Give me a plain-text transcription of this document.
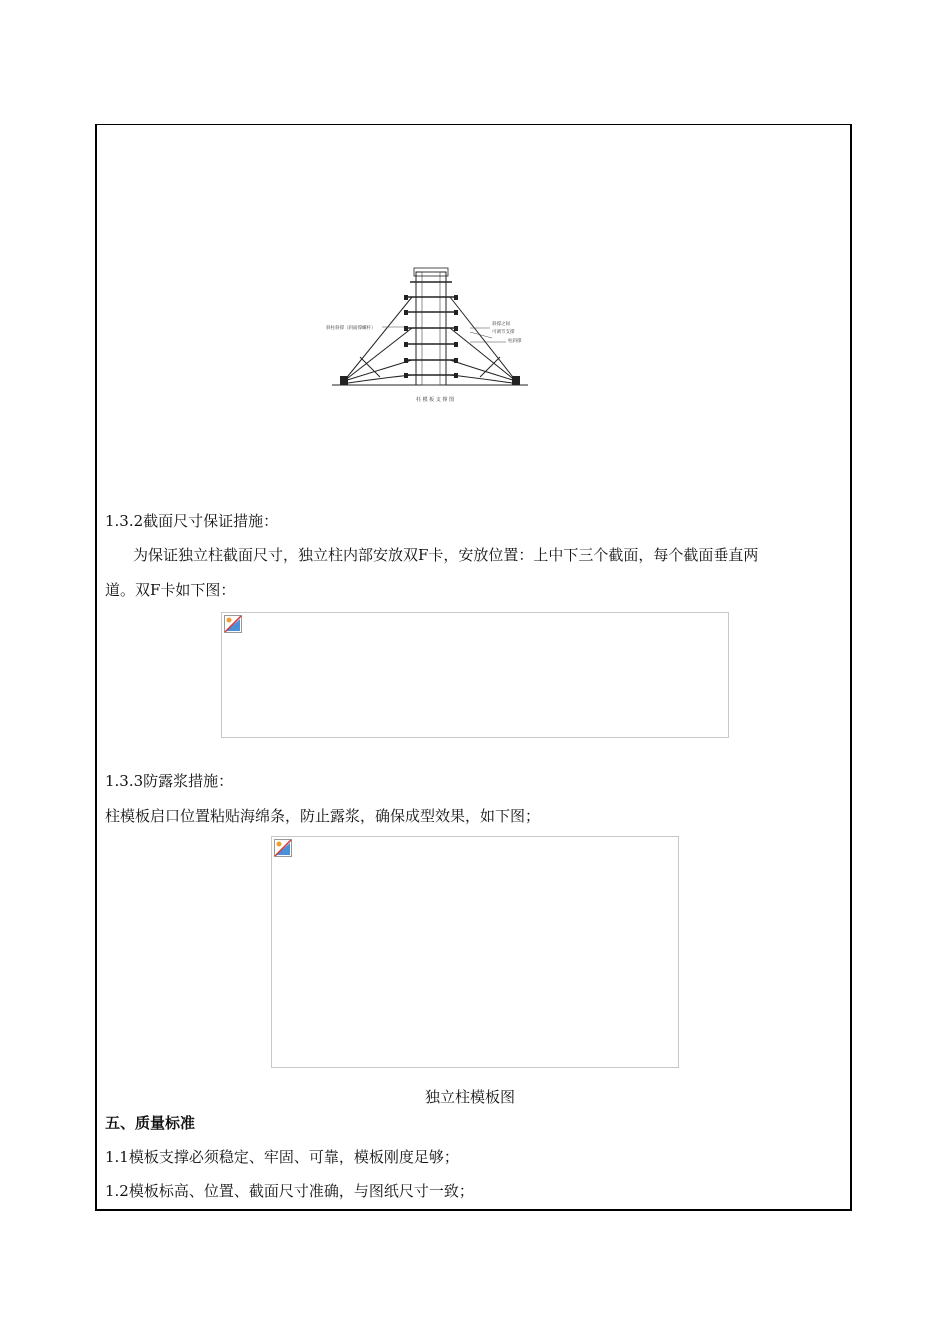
斜柱斜撑（斜面撑螺杆）
斜撑之间
可调节支撑
柱斜撑
柱 模 板 支 撑 图
1.3.2截面尺寸保证措施：
为保证独立柱截面尺寸，独立柱内部安放双F卡，安放位置：上中下三个截面，每个截面垂直两
道。双F卡如下图：
1.3.3防露浆措施：
柱模板启口位置粘贴海绵条，防止露浆，确保成型效果，如下图；
独立柱模板图
五、质量标准
1.1模板支撑必须稳定、牢固、可靠，模板刚度足够；
1.2模板标高、位置、截面尺寸准确，与图纸尺寸一致；
